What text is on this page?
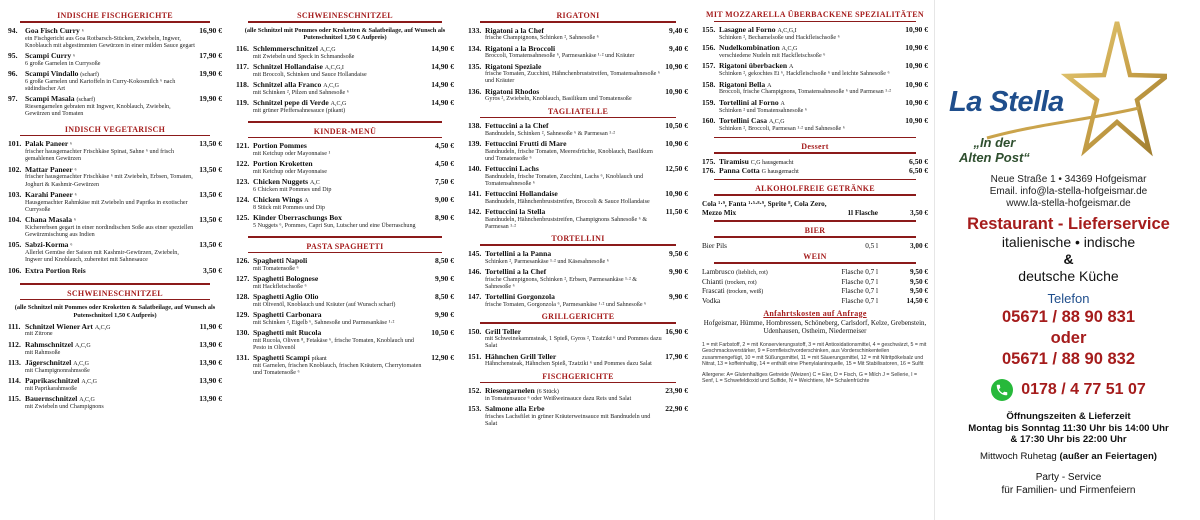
INDISCHE FISCHGERICHTE
94. Goa Fisch Curry ⁶	16,90 €
ein Fischgericht aus Goa Rotbarsch-Stücken, Zwiebeln, Ingwer, Knoblauch mit abgestimmten Gewürzen in einer milden Sauce gegart
95. Scampi Curry ⁶	17,90 €
6 große Garnelen in Currysoße
96. Scampi Vindallo (scharf)	19,90 €
6 große Garnelen und Kartoffeln in Curry-Kokosmilch ⁶ nach südindischer Art
97. Scampi Masala (scharf)	19,90 €
Riesengarnelen gebraten mit Ingwer, Knoblauch, Zwiebeln, Gewürzen und Tomaten
INDISCH VEGETARISCH
101. Palak Paneer ⁶	13,50 €
frischer hausgemachter Frischkäse Spinat, Sahne ⁶ und frisch gemahlenen Gewürzen
102. Mattar Paneer ⁶	13,50 €
frischer hausgemachter Frischkäse ⁶ mit Zwiebeln, Erbsen, Tomaten, Joghurt & Kashmir-Gewürzen
103. Karahi Paneer ⁶	13,50 €
Hausgemachter Rahmkäse mit Zwiebeln und Paprika in exotischer Currysoße
104. Chana Masala ⁶	13,50 €
Kichererbsen gegart in einer nordindischen Soße aus einer speziellen Gewürzmischung aus Indien
105. Sabzi-Korma ⁶	13,50 €
Allerlei Gemüse der Saison mit Kashmir-Gewürzen, Zwiebeln, Ingwer und Knoblauch, zubereitet mit Sahnesauce
106. Extra Portion Reis	3,50 €
SCHWEINESCHNITZEL
(alle Schnitzel mit Pommes oder Kroketten & Salatbeilage, auf Wunsch als Putenschnitzel 1,50 € Aufpreis)
111. Schnitzel Wiener Art A,C,G	11,90 €
mit Zitrone
112. Rahmschnitzel A,C,G	13,90 €
mit Rahmsoße
113. Jägerschnitzel A,C,G	13,90 €
mit Champignonrahmsoße
114. Paprikaschnitzel A,C,G	13,90 €
mit Paprikarahmsoße
115. Bauernschnitzel A,C,G	13,90 €
mit Zwiebeln und Champignons
SCHWEINESCHNITZEL
(alle Schnitzel mit Pommes oder Kroketten & Salatbeilage, auf Wunsch als Putenschnitzel 1,50 € Aufpreis)
116. Schlemmerschnitzel A,C,G	14,90 €
mit Zwiebeln und Speck in Schmandsoße
117. Schnitzel Hollandaise A,C,G,I	14,90 €
mit Broccoli, Schinken und Sauce Hollandaise
118. Schnitzel alla Franco A,C,G	14,90 €
mit Schinken ², Pilzen und Sahnesoße ⁶
119. Schnitzel pepe di Verde A,C,G	14,90 €
mit grüner Pfeffersahnesauce (pikant)
KINDER-MENÜ
121. Portion Pommes	4,50 €
mit Ketchup oder Mayonnaise ¹
122. Portion Kroketten	4,50 €
mit Ketchup oder Mayonnaise
123. Chicken Nuggets A,C	7,50 €
6 Chicken mit Pommes und Dip
124. Chicken Wings A	9,00 €
8 Stück mit Pommes und Dip
125. Kinder Überraschungs Box	8,90 €
5 Nuggets ⁶, Pommes, Capri Sun, Lutscher und eine Überraschung
PASTA SPAGHETTI
126. Spaghetti Napoli	8,50 €
mit Tomatensoße ⁶
127. Spaghetti Bolognese	9,90 €
mit Hackfleischsoße ⁶
128. Spaghetti Aglio Olio	8,50 €
mit Olivenöl, Knoblauch und Kräuter (auf Wunsch scharf)
129. Spaghetti Carbonara	9,90 €
mit Schinken ², Eigelb ⁶, Sahnesoße und Parmesankäse ¹·²
130. Spaghetti mit Rucola	10,50 €
mit Rucola, Oliven ⁸, Fetakäse ⁶, frische Tomaten, Knoblauch und Pesto in Olivenöl
131. Spaghetti Scampi pikant	12,90 €
mit Garnelen, frischen Knoblauch, frischen Kräutern, Cherrytomaten und Tomatensoße ⁶
RIGATONI
133. Rigatoni a la Chef	9,40 €
frische Champignons, Schinken ², Sahnesoße ⁶
134. Rigatoni a la Broccoli	9,40 €
Broccoli, Tomatensahnesoße ⁶, Parmesankäse ¹·² und Kräuter
135. Rigatoni Speziale	10,90 €
frische Tomaten, Zucchini, Hähnchenbruststreifen, Tomatensahnesoße ⁶ und Kräuter
136. Rigatoni Rhodos	10,90 €
Gyros ², Zwiebeln, Knoblauch, Basilikum und Tomatensoße
TAGLIATELLE
138. Fettuccini a la Chef	10,50 €
Bandnudeln, Schinken ², Sahnesoße ⁶ & Parmesan ¹·²
139. Fettuccini Frutti di Mare	10,90 €
Bandnudeln, frische Tomaten, Meeresfrüchte, Knoblauch, Basilikum und Tomatensoße ⁶
140. Fettuccini Lachs	12,50 €
Bandnudeln, frische Tomaten, Zucchini, Lachs ⁶, Knoblauch und Tomatensahnesoße ⁶
141. Fettuccini Hollandaise	10,90 €
Bandnudeln, Hähnchenbruststreifen, Broccoli & Sauce Hollandaise
142. Fettuccini la Stella	11,50 €
Bandnudeln, Hähnchenbruststreifen, Champignons Sahnesoße ⁶ & Parmesan ¹·²
TORTELLINI
145. Tortellini a la Panna	9,50 €
Schinken ², Parmesankäse ¹·² und Käsesahnesoße ⁶
146. Tortellini a la Chef	9,90 €
frische Champignons, Schinken ², Erbsen, Parmesankäse ¹·² & Sahnesoße ⁶
147. Tortellini Gorgonzola	9,90 €
frische Tomaten, Gorgonzola ⁶, Parmesankäse ¹·² und Sahnesoße ⁶
GRILLGERICHTE
150. Grill Teller	16,90 €
mit Schweinekammsteak, 1 Spieß, Gyros ², Tzatziki ⁶ und Pommes dazu Salat
151. Hähnchen Grill Teller	17,90 €
Hähnchensteak, Hähnchen Spieß, Tzatziki ⁶ und Pommes dazu Salat
FISCHGERICHTE
152. Riesengarnelen (6 Stück)	23,90 €
in Tomatensauce ⁶ oder Weißweinsauce dazu Reis und Salat
153. Salmone alla Erbe	22,90 €
frisches Lachsfilet in grüner Kräuterweinsauce mit Bandnudeln und Salat
MIT MOZZARELLA ÜBERBACKENE SPEZIALITÄTEN
155. Lasagne al Forno A,C,G,I	10,90 €
Schinken ², Bechamelsoße und Hackfleischsoße ⁶
156. Nudelkombination A,C,G	10,90 €
verschiedene Nudeln mit Hackfleischsoße ⁶
157. Rigatoni überbacken A	10,90 €
Schinken ², gekochtes Ei ⁶, Hackfleischsoße ⁶ und leichte Sahnesoße ⁶
158. Rigatoni Bella A	10,90 €
Broccoli, frische Champignons, Tomatensahnesoße ⁶ und Parmesan ¹·²
159. Tortellini al Forno A	10,90 €
Schinken ² und Tomatensahnesoße ⁶
160. Tortellini Casa A,C,G	10,90 €
Schinken ², Broccoli, Parmesan ¹·² und Sahnesoße ⁶
Dessert
175. Tiramisu C,G hausgemacht	6,50 €
176. Panna Cotta G hausgemacht	6,50 €
ALKOHOLFREIE GETRÄNKE
Cola ¹·⁹, Fanta ¹·⁵·⁸·⁹, Sprite ⁸, Cola Zero,
Mezzo Mix	1l Flasche	3,50 €
BIER
Bier Pils	0,5 l	3,00 €
WEIN
Lambrusco (lieblich, rot)	Flasche 0,7 l	9,50 €
Chianti (trocken, rot)	Flasche 0,7 l	9,50 €
Frascati (trocken, weiß)	Flasche 0,7 l	9,50 €
Vodka	Flasche 0,7 l	14,50 €
Anfahrtskosten auf Anfrage
Hofgeismar, Hümme, Hombressen, Schöneberg, Carlsdorf, Kelze, Grebenstein, Udenhausen, Ostheim, Niedermeiser
1 = mit Farbstoff, 2 = mit Konservierungsstoff, 3 = mit Antioxidationsmittel, 4 = geschwärzt, 5 = mit Geschmacksverstärker, 9 = Formfleischvorderschinken, aus Vorderschinkenteilen zusammengefügt, 10 = mit Süßungsmittel, 11 = mit Säuerungsmittel, 12 = mit Nitritpökelsalz und Nitrat, 13 = koffeinhaltig, 14 = enthält eine Phenylalaninquelle, 15 = Mit Stabilisatoren, 16 = Sulfit
Allergene: A= Glutenhaltiges Getreide (Weizen) C = Eier, D = Fisch, G = Milch J = Sellerie, I = Senf, L = Schwefeldioxid und Sulfide, N = Weichtiere, M= Schalenfrüchte
La Stella
„In der
Alten Post“
Neue Straße 1 • 34369 Hofgeismar
Email. info@la-stella-hofgeismar.de
www.la-stella-hofgeismar.de
Restaurant - Lieferservice
italienische • indische
&
deutsche Küche
Telefon
05671 / 88 90 831
oder
05671 / 88 90 832
0178 / 4 77 51 07
Öffnungszeiten & Lieferzeit
Montag bis Sonntag 11:30 Uhr bis 14:00 Uhr
& 17:30 Uhr bis 22:00 Uhr
Mittwoch Ruhetag (außer an Feiertagen)
Party - Service
für Familien- und Firmenfeiern
